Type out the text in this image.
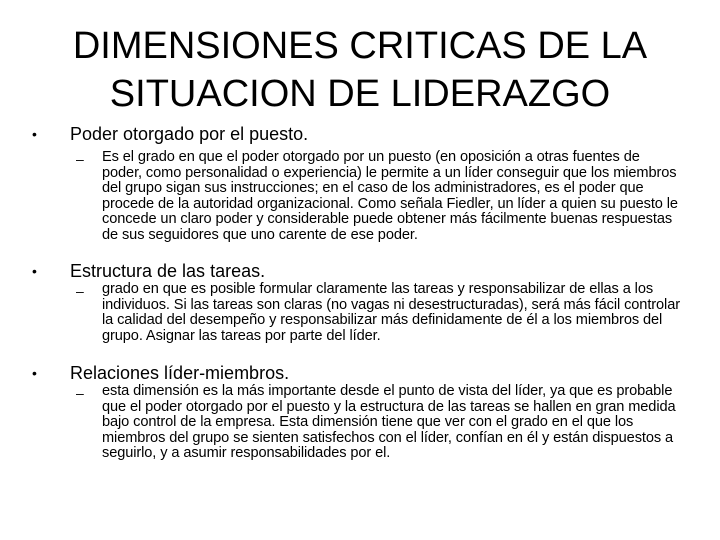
DIMENSIONES CRITICAS DE LA
SITUACION DE LIDERAZGO
• Poder otorgado por el puesto.
– Es el grado en que el poder otorgado por un puesto (en oposición a otras fuentes de poder, como personalidad o experiencia) le permite a un líder conseguir que los miembros del grupo sigan sus instrucciones; en el caso de los administradores, es el poder que procede de la autoridad organizacional. Como señala Fiedler, un líder a quien su puesto le concede un claro poder y considerable puede obtener más fácilmente buenas respuestas de sus seguidores que uno carente de ese poder.
• Estructura de las tareas.
– grado en que es posible formular claramente las tareas y responsabilizar de ellas a los individuos. Si las tareas son claras (no vagas ni desestructuradas), será más fácil controlar la calidad del desempeño y responsabilizar más definidamente de él a los miembros del grupo. Asignar las tareas por parte del líder.
• Relaciones líder-miembros.
– esta dimensión es la más importante desde el punto de vista del líder, ya que es probable que el poder otorgado por el puesto y la estructura de las tareas se hallen en gran medida bajo control de la empresa. Esta dimensión tiene que ver con el grado en el que los miembros del grupo se sienten satisfechos con el líder, confían en él y están dispuestos a seguirlo, y a asumir responsabilidades por el.
